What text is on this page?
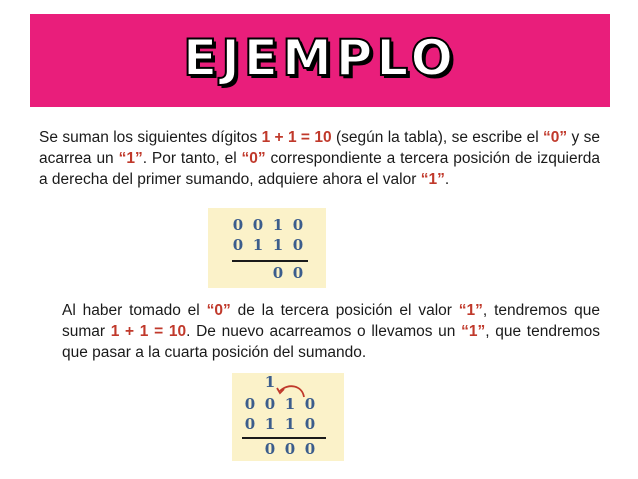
EJEMPLO
Se suman los siguientes dígitos 1 + 1 = 10 (según la tabla), se escribe el “0” y se acarrea un “1”. Por tanto, el “0” correspondiente a tercera posición de izquierda a derecha del primer sumando, adquiere ahora el valor “1”.
0 0 1 0
0 1 1 0
0 0
Al haber tomado el “0” de la tercera posición el valor “1”, tendremos que sumar 1 + 1 = 10. De nuevo acarreamos o llevamos un “1”, que tendremos que pasar a la cuarta posición del sumando.
1
0 0 1 0
0 1 1 0
0 0 0
